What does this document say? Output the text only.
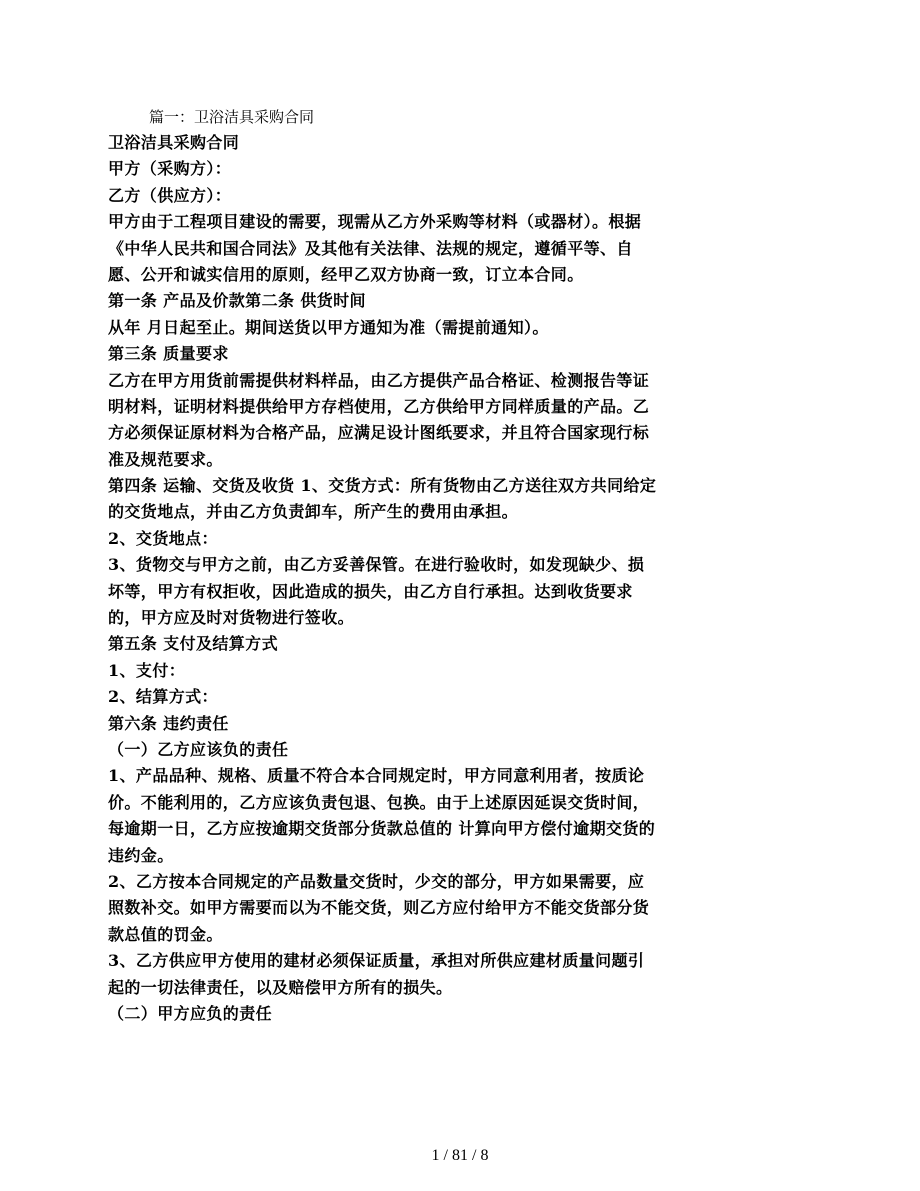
篇一：卫浴洁具采购合同
卫浴洁具采购合同
甲方（采购方）：
乙方（供应方）：
甲方由于工程项目建设的需要，现需从乙方外采购等材料（或器材）。根据
《中华人民共和国合同法》及其他有关法律、法规的规定，遵循平等、自
愿、公开和诚实信用的原则，经甲乙双方协商一致，订立本合同。
第一条 产品及价款第二条 供货时间
从年 月日起至止。期间送货以甲方通知为准（需提前通知）。
第三条 质量要求
乙方在甲方用货前需提供材料样品，由乙方提供产品合格证、检测报告等证
明材料，证明材料提供给甲方存档使用，乙方供给甲方同样质量的产品。乙
方必须保证原材料为合格产品，应满足设计图纸要求，并且符合国家现行标
准及规范要求。
第四条 运输、交货及收货 1、交货方式：所有货物由乙方送往双方共同给定
的交货地点，并由乙方负责卸车，所产生的费用由承担。
2、交货地点：
3、货物交与甲方之前，由乙方妥善保管。在进行验收时，如发现缺少、损
坏等，甲方有权拒收，因此造成的损失，由乙方自行承担。达到收货要求
的，甲方应及时对货物进行签收。
第五条 支付及结算方式
1、支付：
2、结算方式：
第六条 违约责任
（一）乙方应该负的责任
1、产品品种、规格、质量不符合本合同规定时，甲方同意利用者，按质论
价。不能利用的，乙方应该负责包退、包换。由于上述原因延误交货时间，
每逾期一日，乙方应按逾期交货部分货款总值的 计算向甲方偿付逾期交货的
违约金。
2、乙方按本合同规定的产品数量交货时，少交的部分，甲方如果需要，应
照数补交。如甲方需要而以为不能交货，则乙方应付给甲方不能交货部分货
款总值的罚金。
3、乙方供应甲方使用的建材必须保证质量，承担对所供应建材质量问题引
起的一切法律责任，以及赔偿甲方所有的损失。
（二）甲方应负的责任
1 / 81 / 8
